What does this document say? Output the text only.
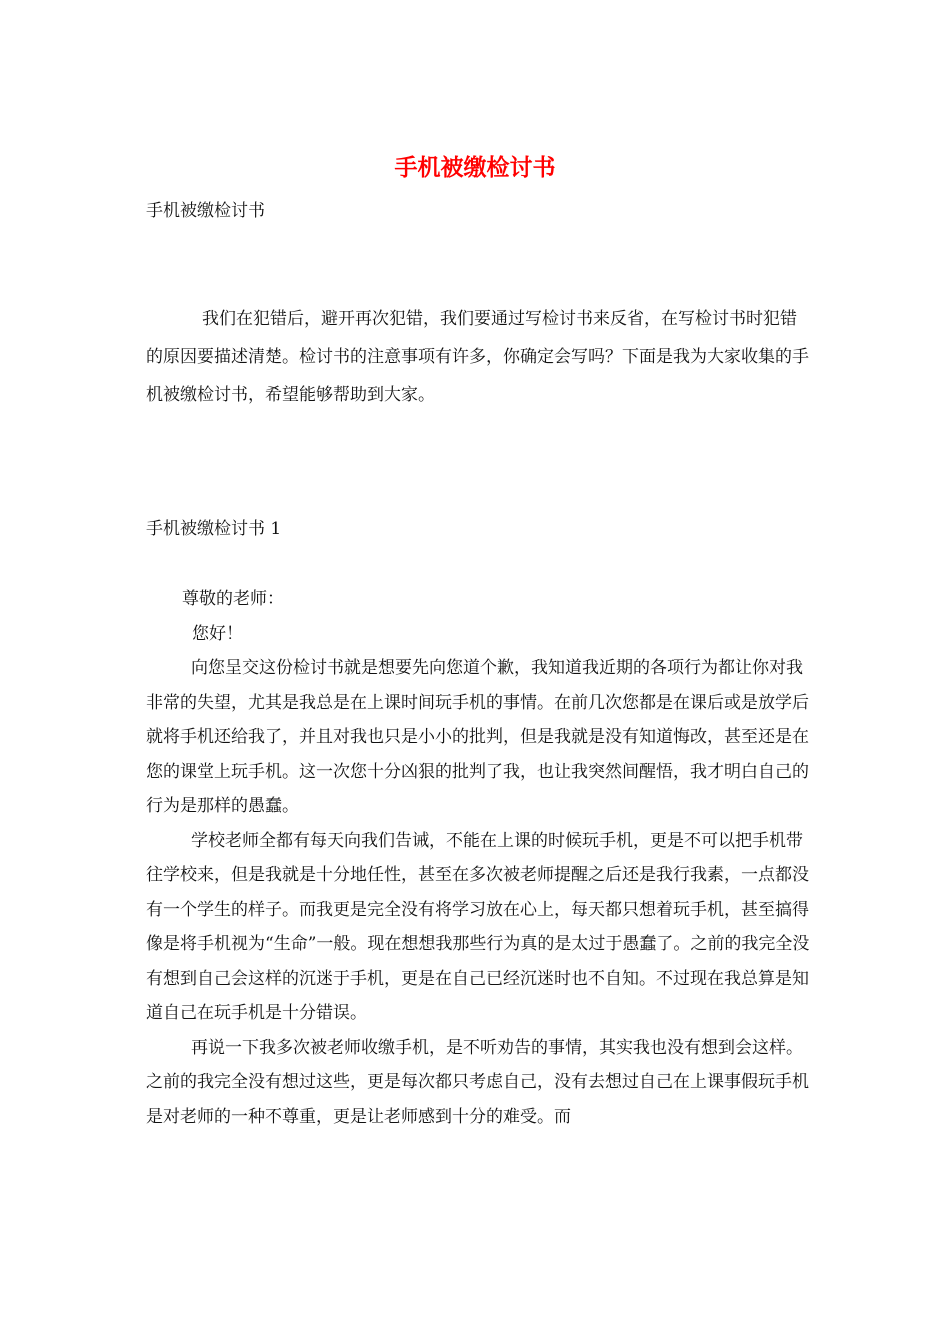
手机被缴检讨书

手机被缴检讨书

我们在犯错后，避开再次犯错，我们要通过写检讨书来反省，在写检讨书时犯错的原因要描述清楚。检讨书的注意事项有许多，你确定会写吗？下面是我为大家收集的手机被缴检讨书，希望能够帮助到大家。

手机被缴检讨书 1

尊敬的老师：

您好！

向您呈交这份检讨书就是想要先向您道个歉，我知道我近期的各项行为都让你对我非常的失望，尤其是我总是在上课时间玩手机的事情。在前几次您都是在课后或是放学后就将手机还给我了，并且对我也只是小小的批判，但是我就是没有知道悔改，甚至还是在您的课堂上玩手机。这一次您十分凶狠的批判了我，也让我突然间醒悟，我才明白自己的行为是那样的愚蠢。

学校老师全都有每天向我们告诫，不能在上课的时候玩手机，更是不可以把手机带往学校来，但是我就是十分地任性，甚至在多次被老师提醒之后还是我行我素，一点都没有一个学生的样子。而我更是完全没有将学习放在心上，每天都只想着玩手机，甚至搞得像是将手机视为“生命”一般。现在想想我那些行为真的是太过于愚蠢了。之前的我完全没有想到自己会这样的沉迷于手机，更是在自己已经沉迷时也不自知。不过现在我总算是知道自己在玩手机是十分错误。

再说一下我多次被老师收缴手机，是不听劝告的事情，其实我也没有想到会这样。之前的我完全没有想过这些，更是每次都只考虑自己，没有去想过自己在上课事假玩手机是对老师的一种不尊重，更是让老师感到十分的难受。而
